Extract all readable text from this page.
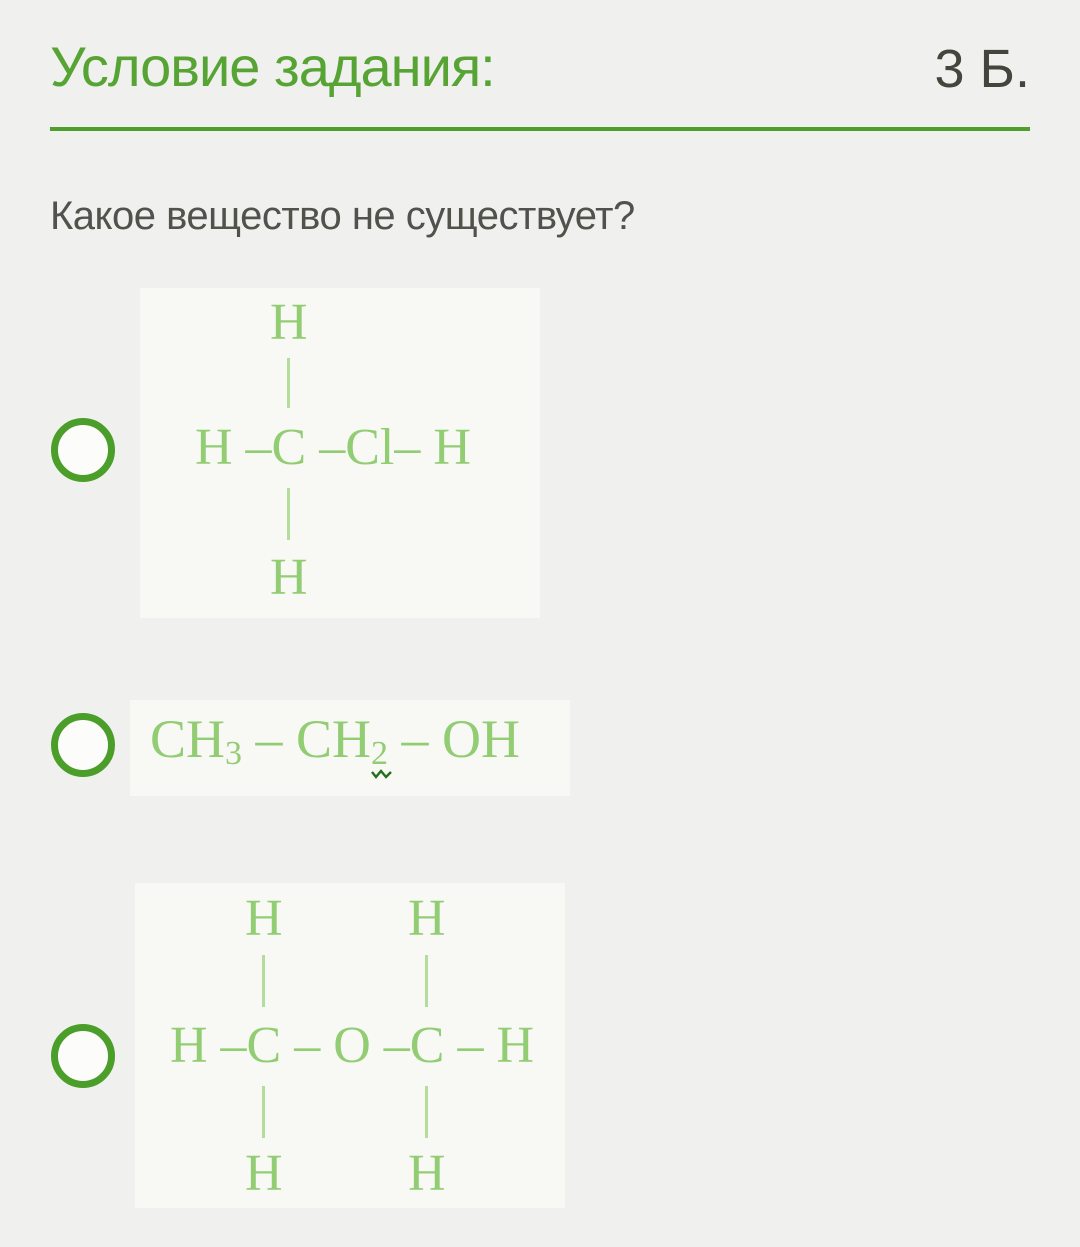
Условие задания:	3 Б.

Какое вещество не существует?

H
H –C –Cl– H
H
$CH_3 - CH_2$
– OH
H H
H –C – O –C – H
H H
